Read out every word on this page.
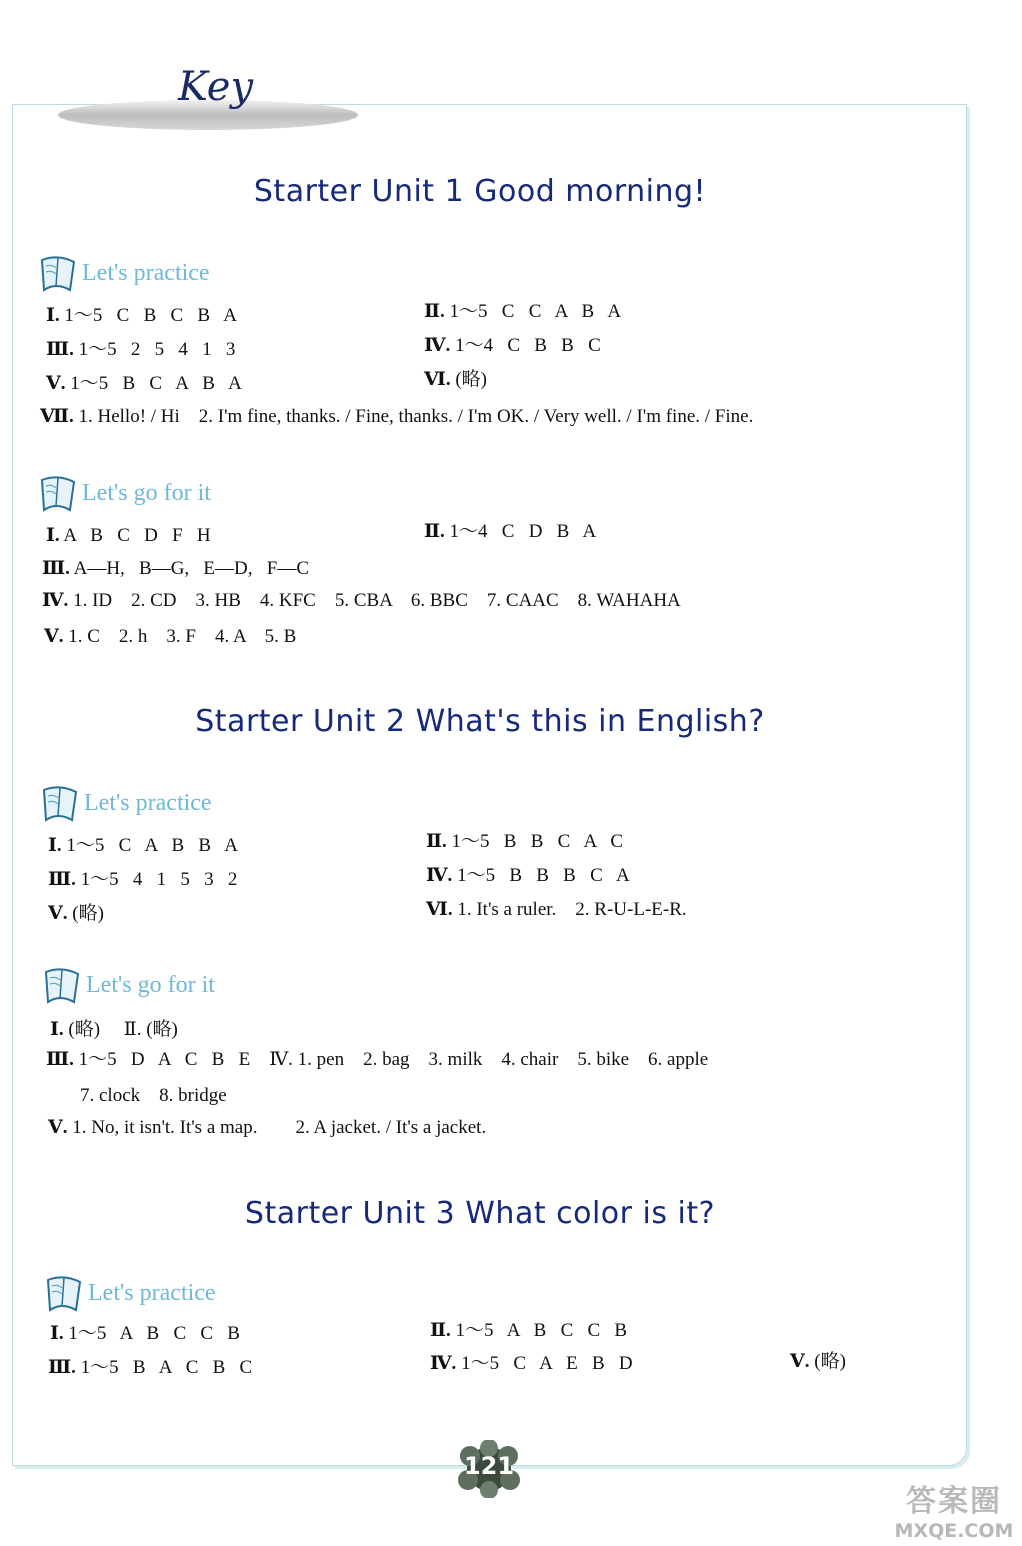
Key
Starter Unit 1 Good morning!
Let's practice
Ⅰ. 1～5   C   B   C   B   A	Ⅱ. 1～5   C   C   A   B   A
Ⅲ. 1～5   2   5   4   1   3	Ⅳ. 1～4   C   B   B   C
Ⅴ. 1～5   B   C   A   B   A	Ⅵ. (略)
Ⅶ. 1. Hello! / Hi    2. I'm fine, thanks. / Fine, thanks. / I'm OK. / Very well. / I'm fine. / Fine.
Let's go for it
Ⅰ. A   B   C   D   F   H	Ⅱ. 1～4   C   D   B   A
Ⅲ. A—H,   B—G,   E—D,   F—C
Ⅳ. 1. ID    2. CD    3. HB    4. KFC    5. CBA    6. BBC    7. CAAC    8. WAHAHA
Ⅴ. 1. C    2. h    3. F    4. A    5. B
Starter Unit 2 What's this in English?
Let's practice
Ⅰ. 1～5   C   A   B   B   A	Ⅱ. 1～5   B   B   C   A   C
Ⅲ. 1～5   4   1   5   3   2	Ⅳ. 1～5   B   B   B   C   A
Ⅴ. (略)	Ⅵ. 1. It's a ruler.    2. R-U-L-E-R.
Let's go for it
Ⅰ. (略)     Ⅱ. (略)
Ⅲ. 1～5   D   A   C   B   E    Ⅳ. 1. pen    2. bag    3. milk    4. chair    5. bike    6. apple
7. clock    8. bridge
Ⅴ. 1. No, it isn't. It's a map.        2. A jacket. / It's a jacket.
Starter Unit 3 What color is it?
Let's practice
Ⅰ. 1～5   A   B   C   C   B	Ⅱ. 1～5   A   B   C   C   B
Ⅲ. 1～5   B   A   C   B   C	Ⅳ. 1～5   C   A   E   B   D	Ⅴ. (略)
121
答案圈
MXQE.COM
